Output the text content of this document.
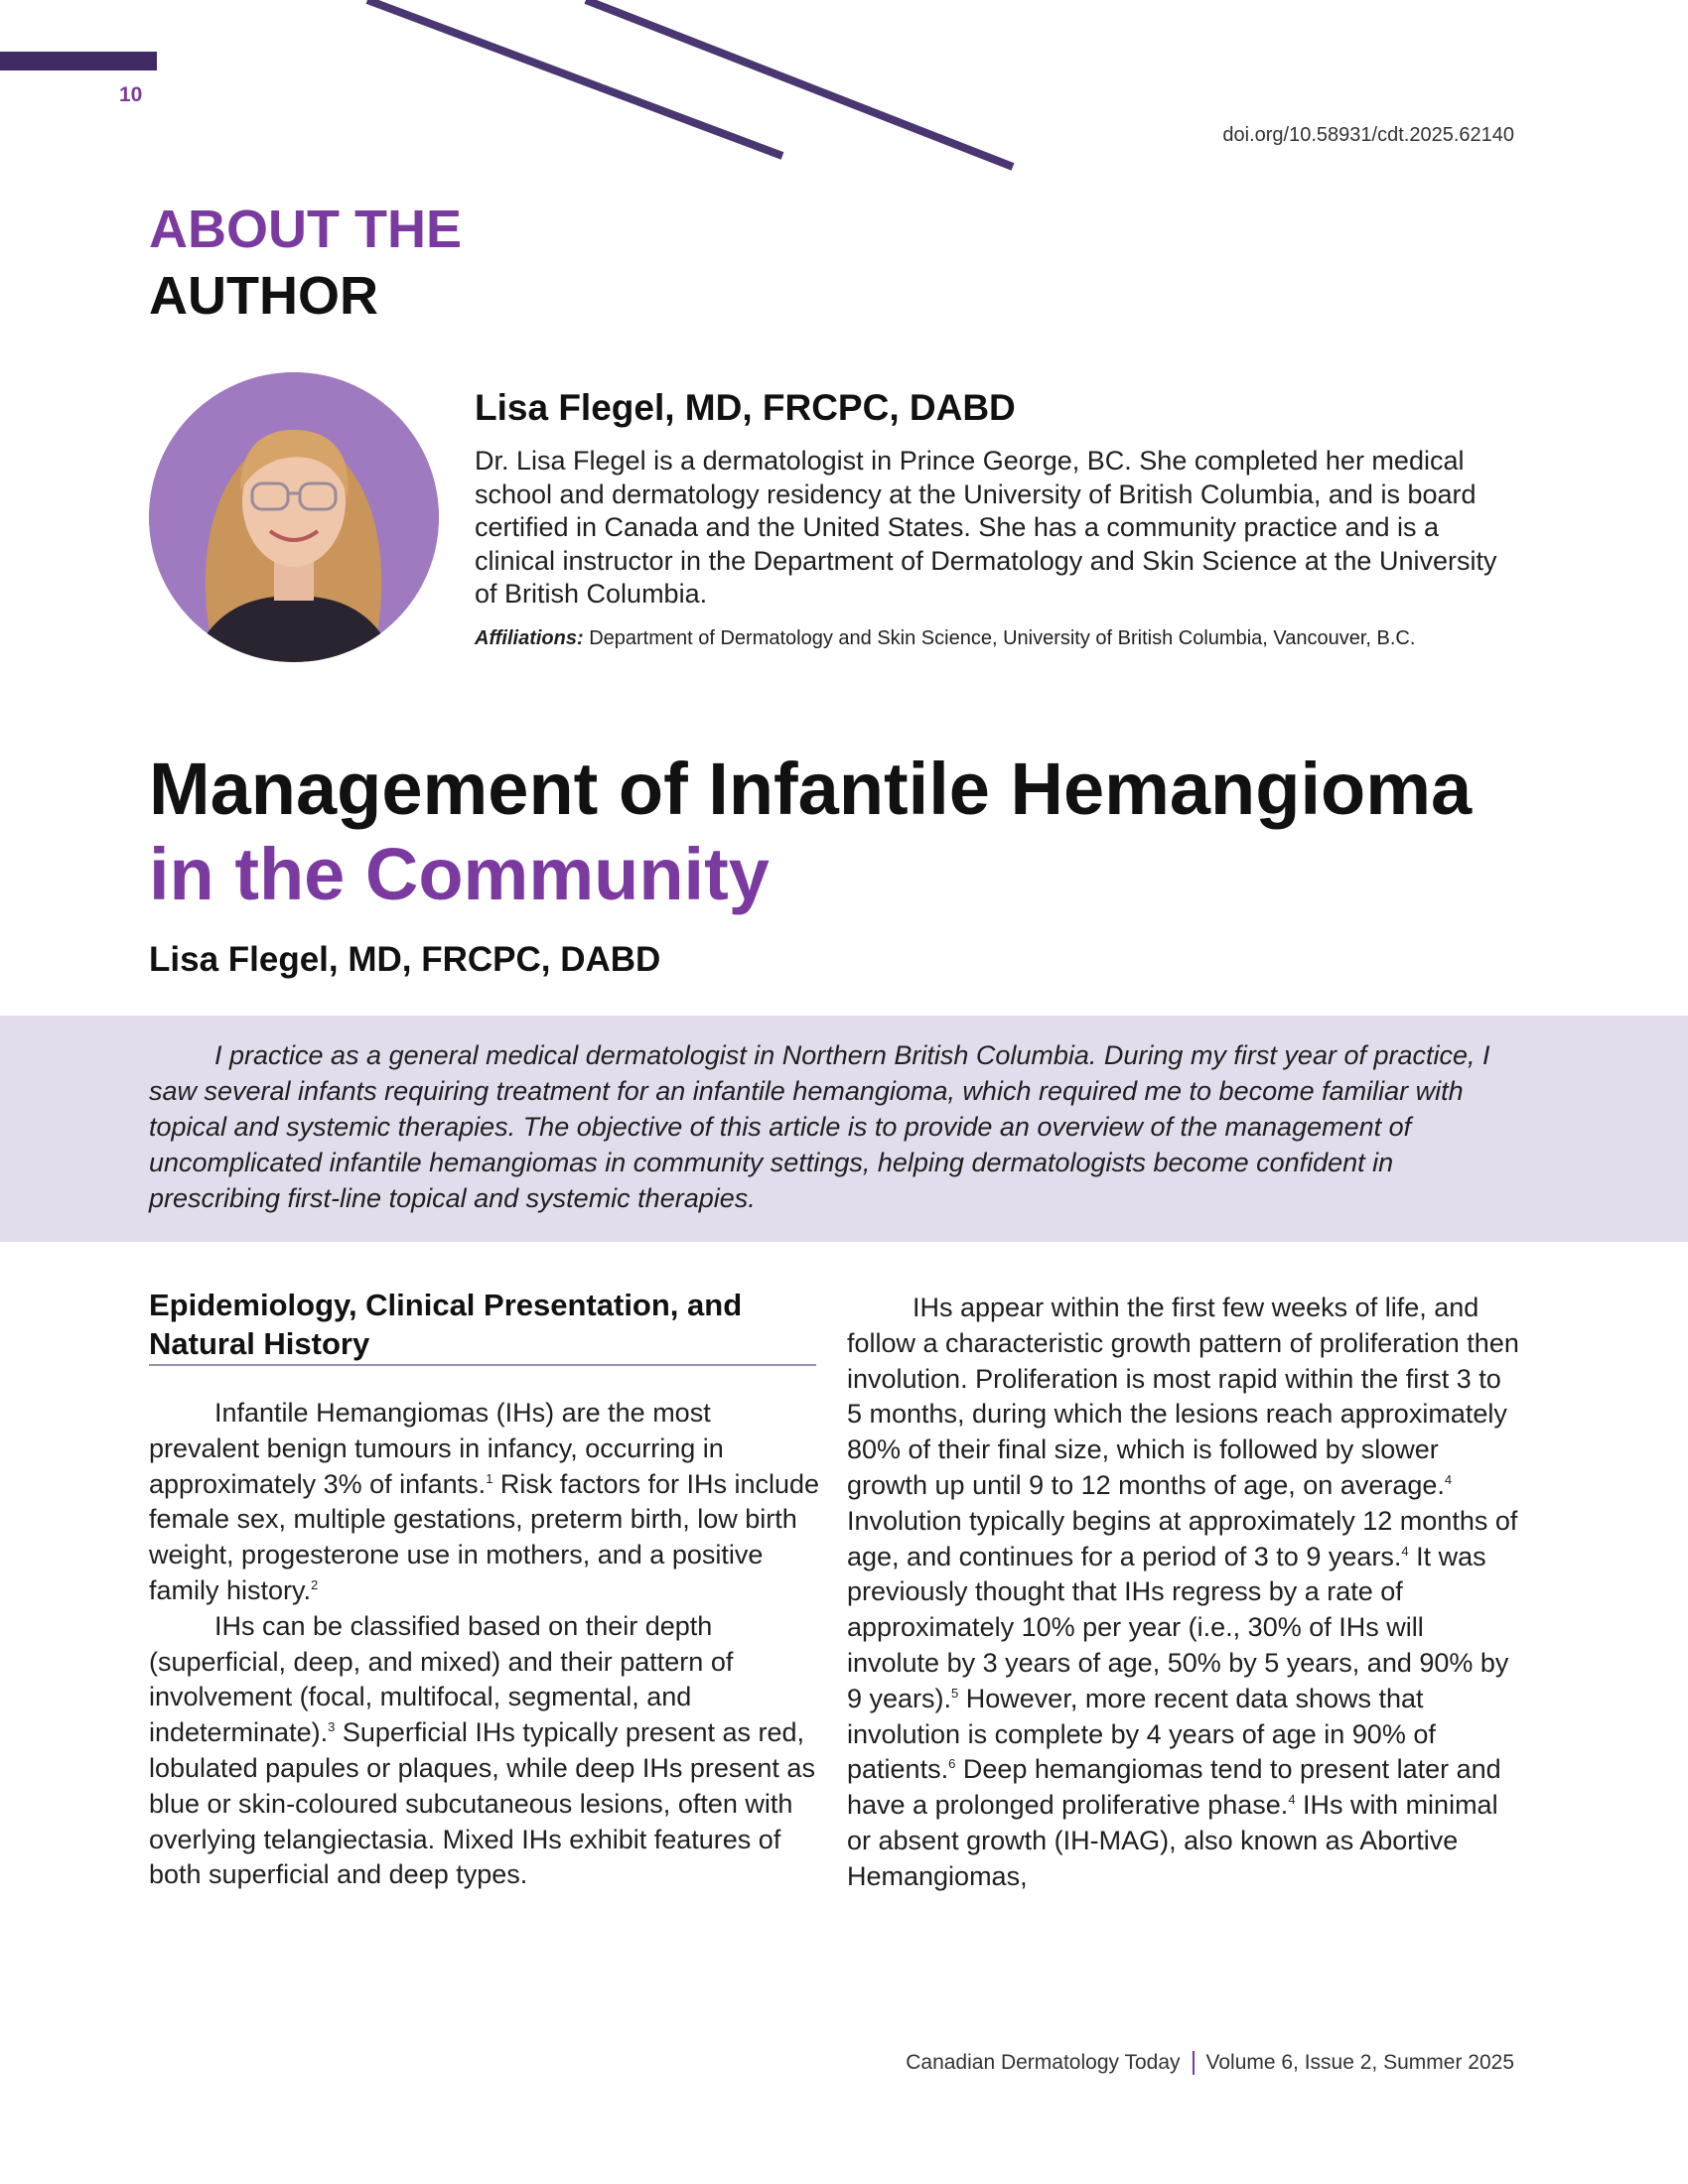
10
doi.org/10.58931/cdt.2025.62140
ABOUT THE
AUTHOR
Lisa Flegel, MD, FRCPC, DABD
Dr. Lisa Flegel is a dermatologist in Prince George, BC. She completed her medical school and dermatology residency at the University of British Columbia, and is board certified in Canada and the United States. She has a community practice and is a clinical instructor in the Department of Dermatology and Skin Science at the University of British Columbia.
Affiliations: Department of Dermatology and Skin Science, University of British Columbia, Vancouver, B.C.
Management of Infantile Hemangioma in the Community
Lisa Flegel, MD, FRCPC, DABD
I practice as a general medical dermatologist in Northern British Columbia. During my first year of practice, I saw several infants requiring treatment for an infantile hemangioma, which required me to become familiar with topical and systemic therapies. The objective of this article is to provide an overview of the management of uncomplicated infantile hemangiomas in community settings, helping dermatologists become confident in prescribing first-line topical and systemic therapies.
Epidemiology, Clinical Presentation, and Natural History

Infantile Hemangiomas (IHs) are the most prevalent benign tumours in infancy, occurring in approximately 3% of infants.$^1$ Risk factors for IHs include female sex, multiple gestations, preterm birth, low birth weight, progesterone use in mothers, and a positive family history.$^2$

IHs can be classified based on their depth (superficial, deep, and mixed) and their pattern of involvement (focal, multifocal, segmental, and indeterminate).$^3$ Superficial IHs typically present as red, lobulated papules or plaques, while deep IHs present as blue or skin-coloured subcutaneous lesions, often with overlying telangiectasia. Mixed IHs exhibit features of both superficial and deep types.

IHs appear within the first few weeks of life, and follow a characteristic growth pattern of proliferation then involution. Proliferation is most rapid within the first 3 to 5 months, during which the lesions reach approximately 80% of their final size, which is followed by slower growth up until 9 to 12 months of age, on average.$^4$ Involution typically begins at approximately 12 months of age, and continues for a period of 3 to 9 years.$^4$ It was previously thought that IHs regress by a rate of approximately 10% per year (i.e., 30% of IHs will involute by 3 years of age, 50% by 5 years, and 90% by 9 years).$^5$ However, more recent data shows that involution is complete by 4 years of age in 90% of patients.$^6$ Deep hemangiomas tend to present later and have a prolonged proliferative phase.$^4$ IHs with minimal or absent growth (IH-MAG), also known as Abortive Hemangiomas,

Canadian Dermatology Today Volume 6, Issue 2, Summer 2025
